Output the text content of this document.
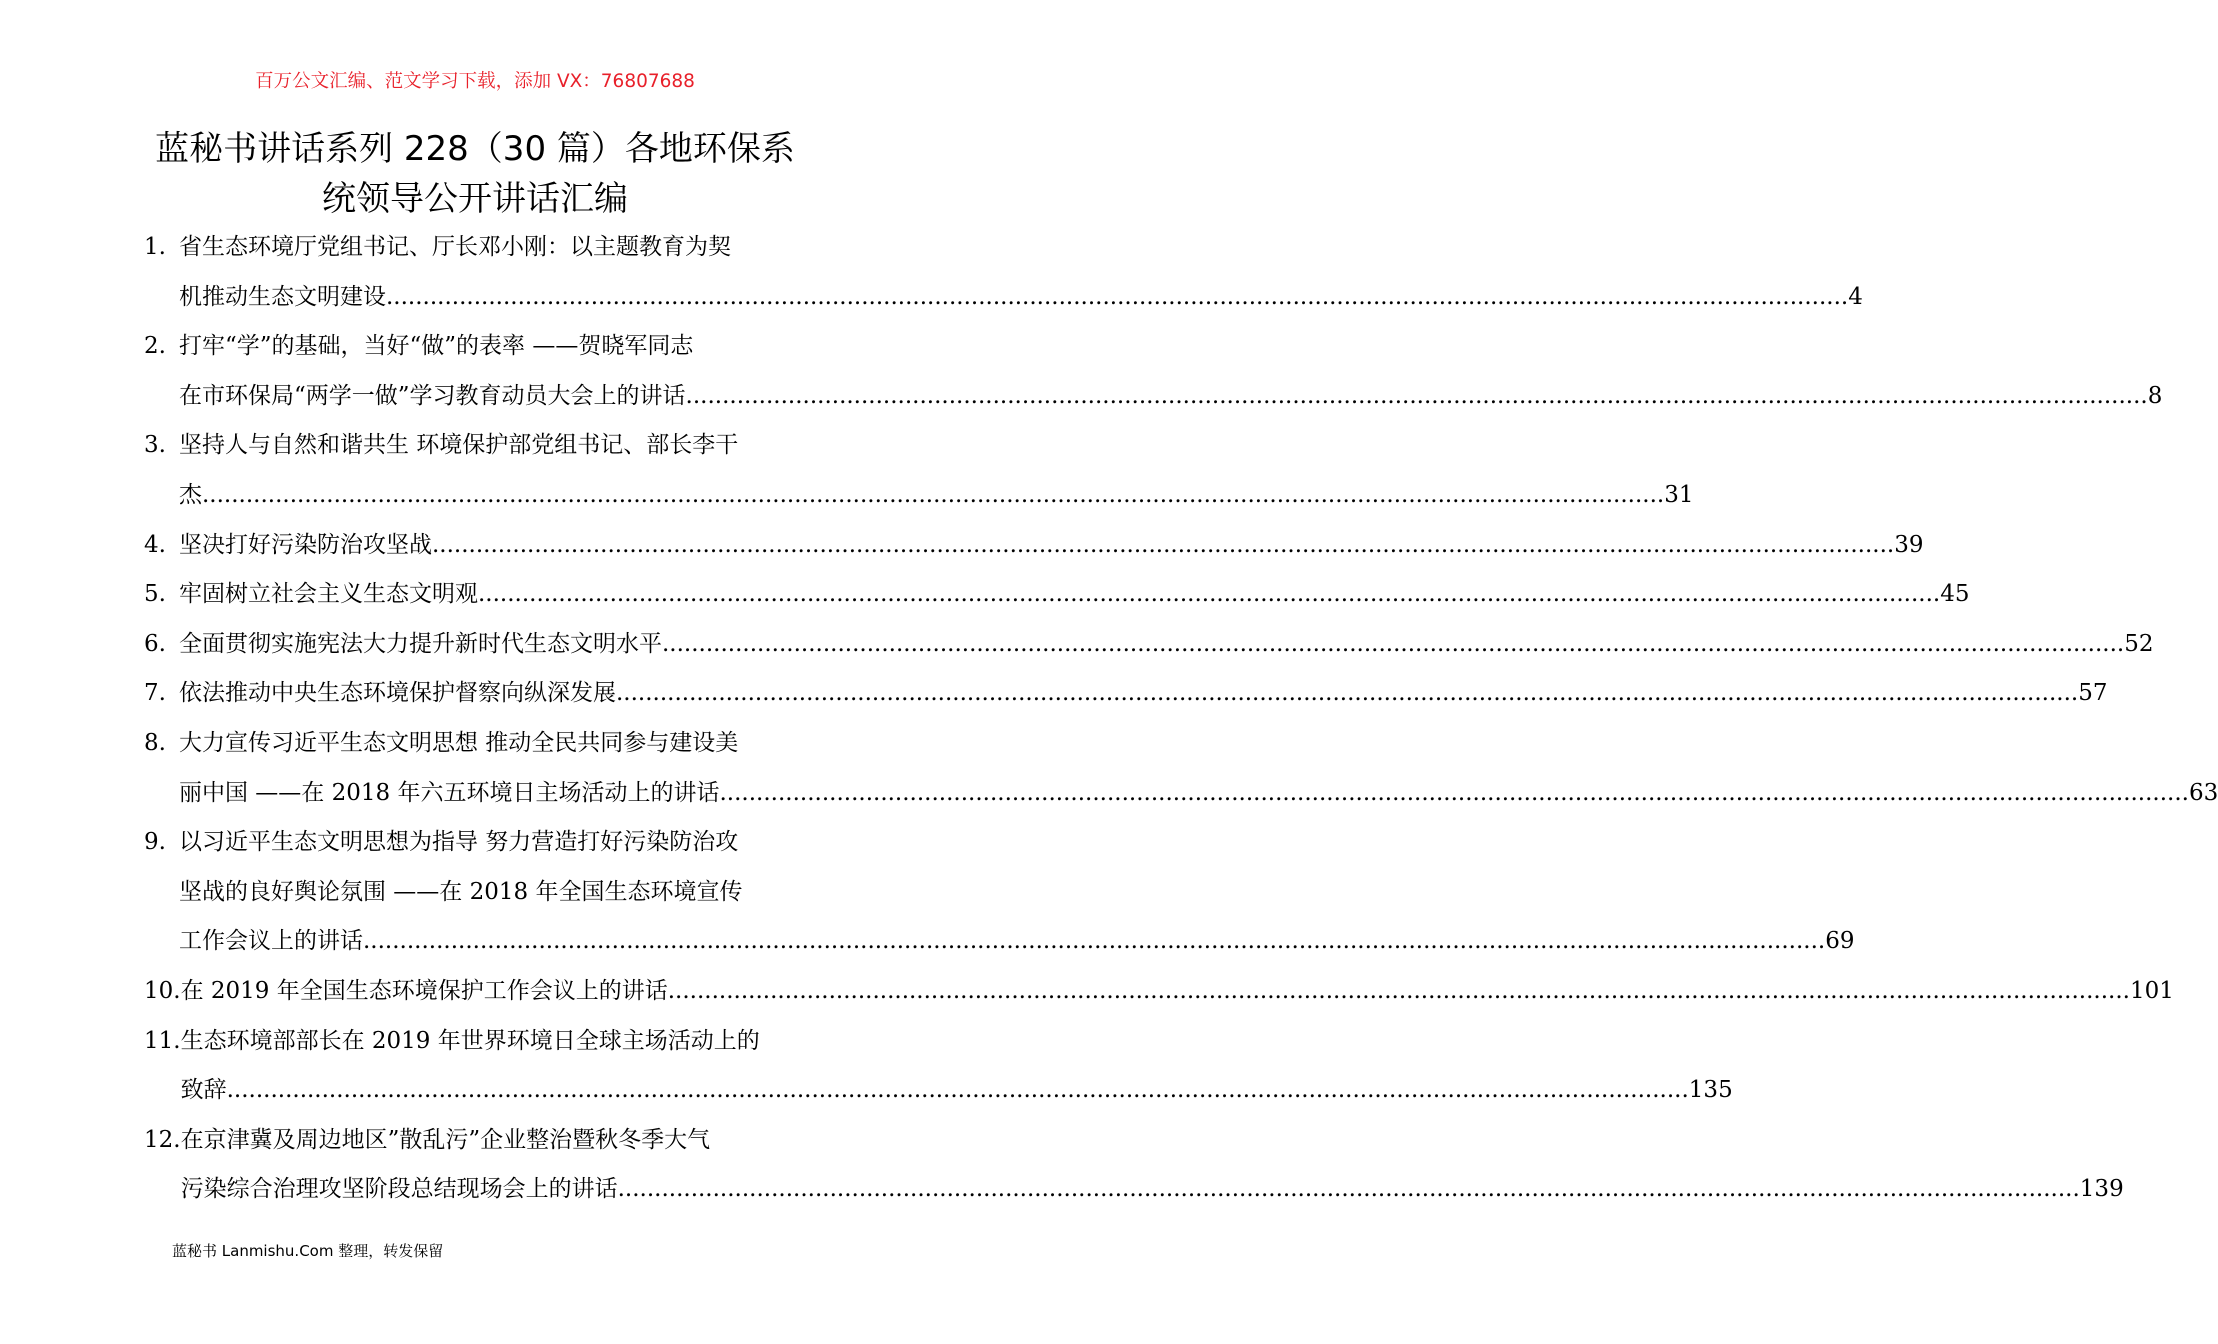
百万公文汇编、范文学习下载，添加 VX：76807688
蓝秘书讲话系列 228（30 篇）各地环保系
统领导公开讲话汇编
1. 省生态环境厅党组书记、厅长邓小刚：以主题教育为契
机推动生态文明建设 ........................................................................................................................................................................................................ 4
2. 打牢“学”的基础，当好“做”的表率 ——贺晓军同志
在市环保局“两学一做”学习教育动员大会上的讲话 ........................................................................................................................................................................................................ 8
3. 坚持人与自然和谐共生 环境保护部党组书记、部长李干
杰 ........................................................................................................................................................................................................ 31
4. 坚决打好污染防治攻坚战 ........................................................................................................................................................................................................ 39
5. 牢固树立社会主义生态文明观 ........................................................................................................................................................................................................ 45
6. 全面贯彻实施宪法大力提升新时代生态文明水平 ........................................................................................................................................................................................................ 52
7. 依法推动中央生态环境保护督察向纵深发展 ........................................................................................................................................................................................................ 57
8. 大力宣传习近平生态文明思想 推动全民共同参与建设美
丽中国 ——在 2018 年六五环境日主场活动上的讲话. ........................................................................................................................................................................................................ 63
9. 以习近平生态文明思想为指导 努力营造打好污染防治攻
坚战的良好舆论氛围 ——在 2018 年全国生态环境宣传
工作会议上的讲话 ........................................................................................................................................................................................................ 69
10. 在 2019 年全国生态环境保护工作会议上的讲话 ........................................................................................................................................................................................................ 101
11. 生态环境部部长在 2019 年世界环境日全球主场活动上的
致辞 ........................................................................................................................................................................................................ 135
12. 在京津冀及周边地区”散乱污”企业整治暨秋冬季大气
污染综合治理攻坚阶段总结现场会上的讲话 ........................................................................................................................................................................................................ 139
蓝秘书 Lanmishu.Com 整理，转发保留
